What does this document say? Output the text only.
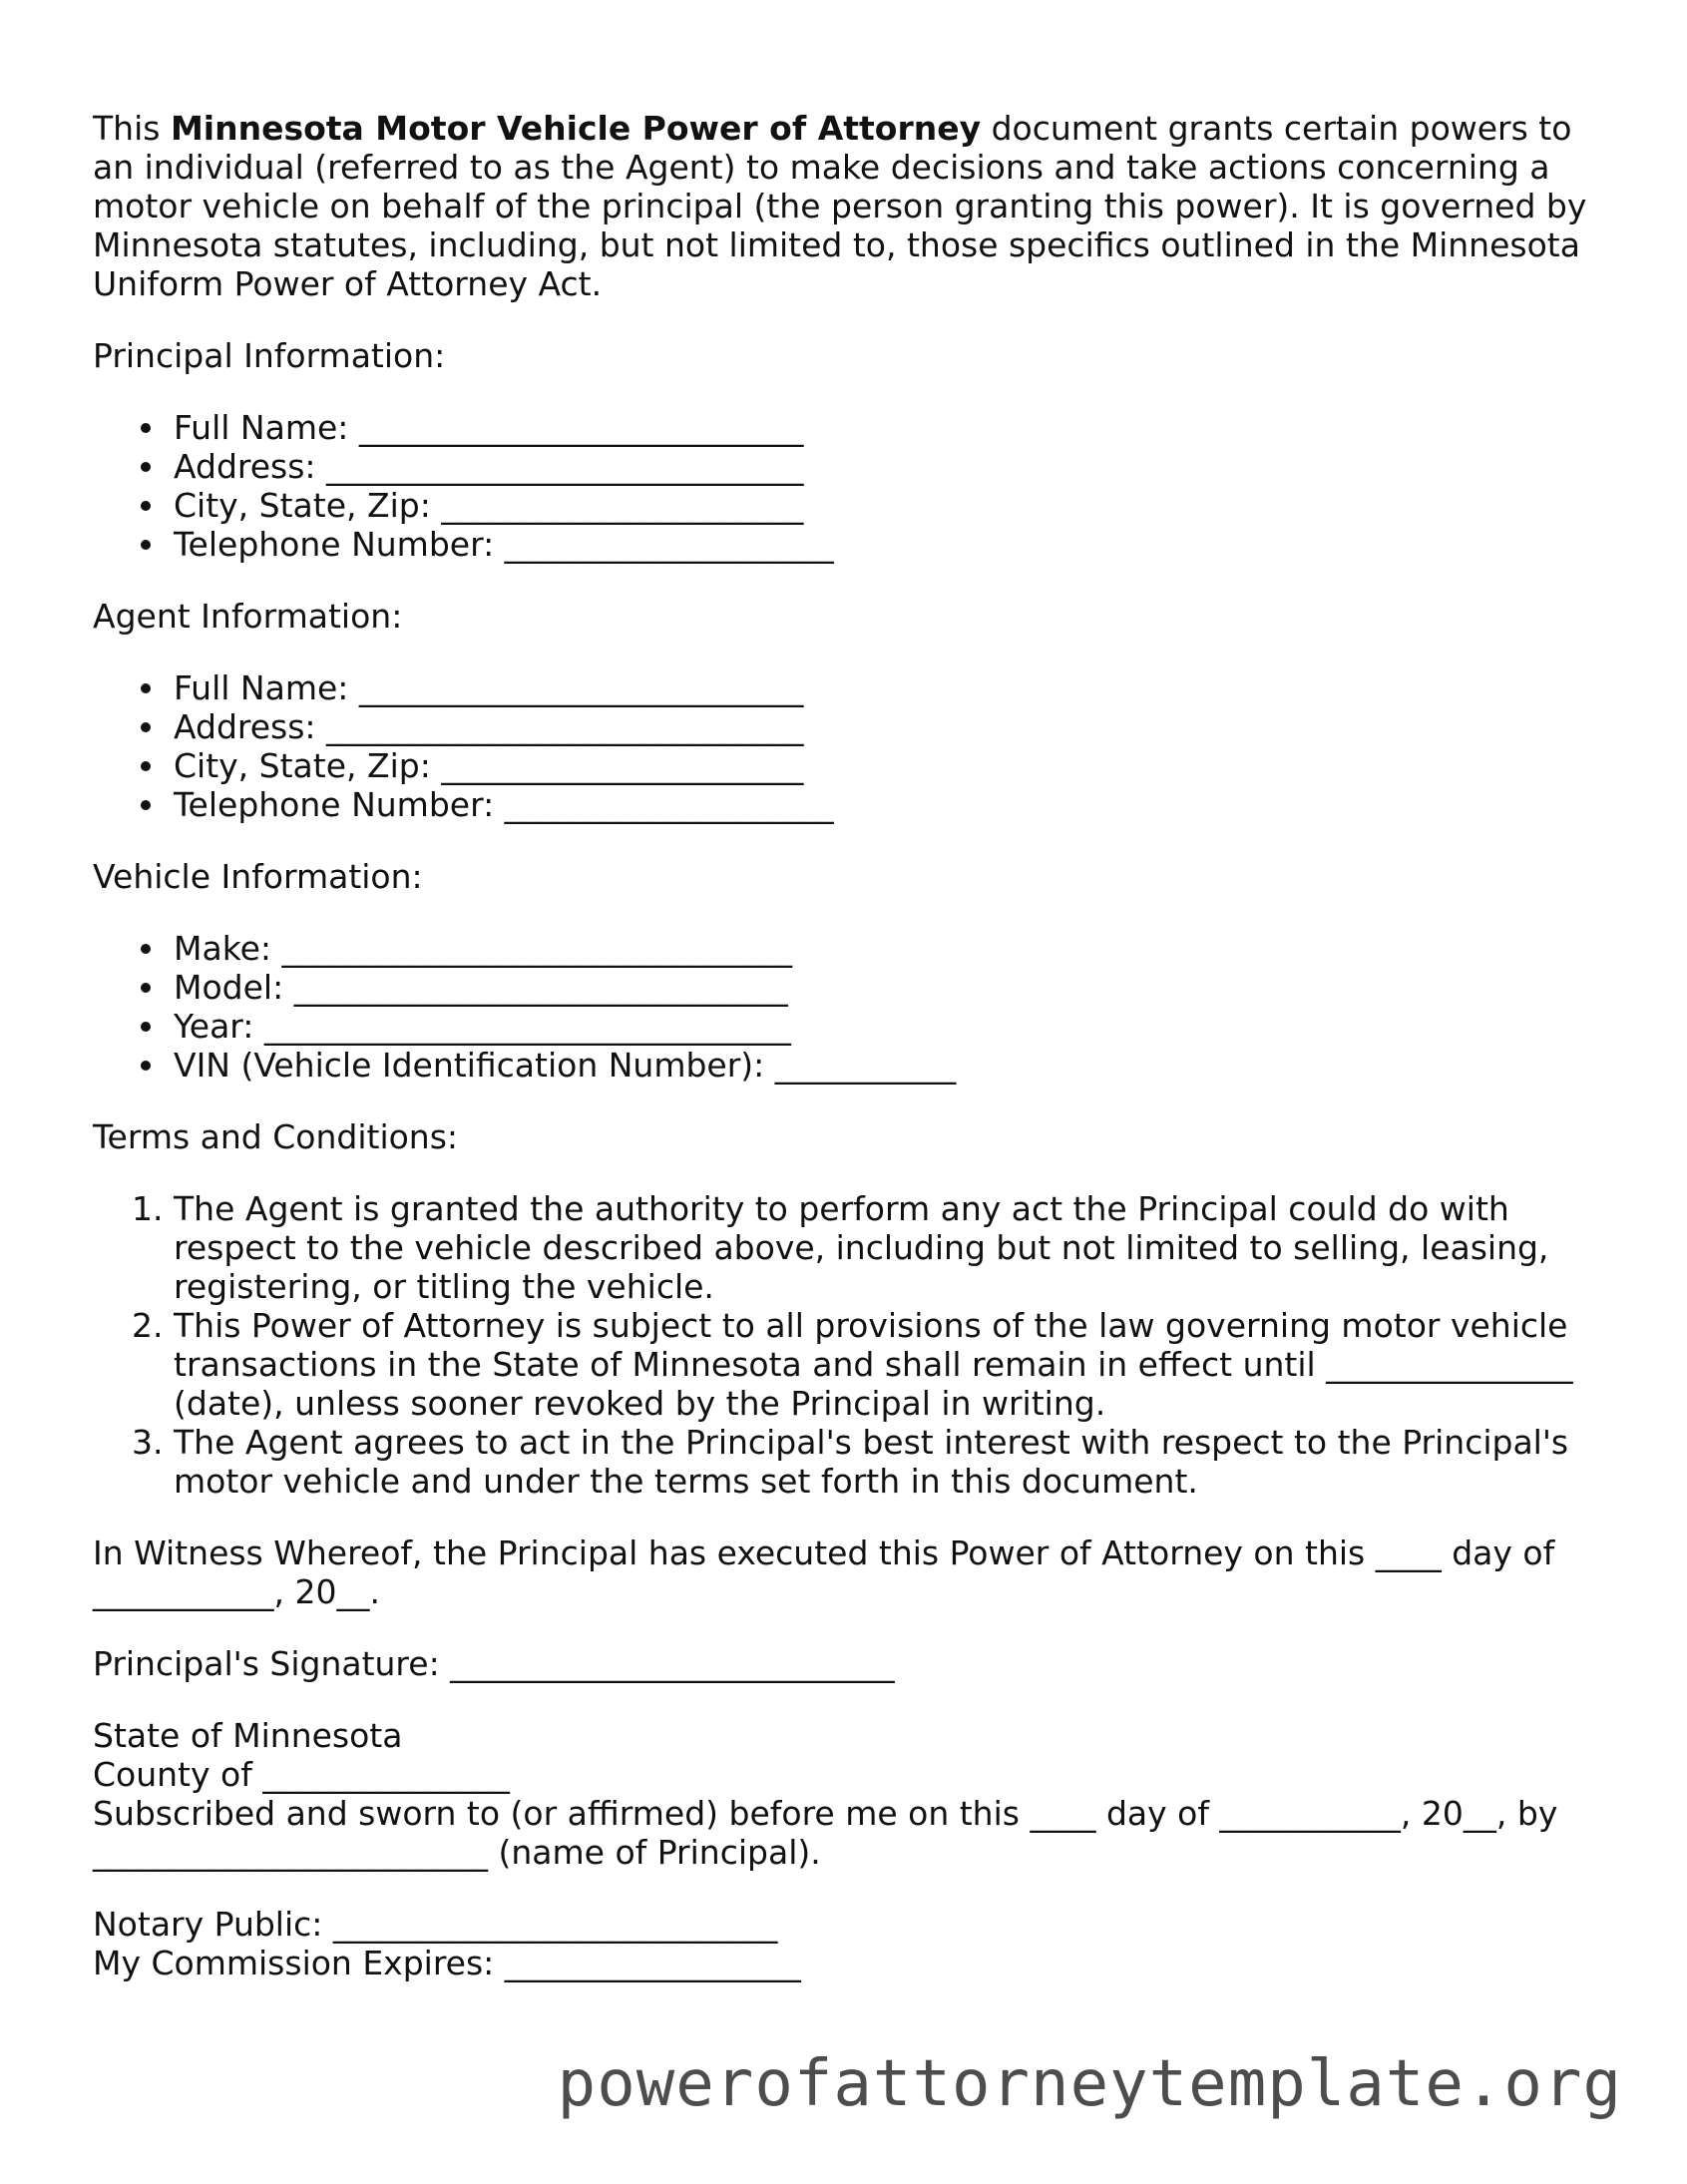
This Minnesota Motor Vehicle Power of Attorney document grants certain powers to an individual (referred to as the Agent) to make decisions and take actions concerning a motor vehicle on behalf of the principal (the person granting this power). It is governed by Minnesota statutes, including, but not limited to, those specifics outlined in the Minnesota Uniform Power of Attorney Act.

Principal Information:

Full Name: ___________________________
Address: _____________________________
City, State, Zip: ______________________
Telephone Number: ____________________

Agent Information:

Full Name: ___________________________
Address: _____________________________
City, State, Zip: ______________________
Telephone Number: ____________________

Vehicle Information:

Make: _______________________________
Model: ______________________________
Year: ________________________________
VIN (Vehicle Identification Number): ___________

Terms and Conditions:

1. The Agent is granted the authority to perform any act the Principal could do with respect to the vehicle described above, including but not limited to selling, leasing, registering, or titling the vehicle.
2. This Power of Attorney is subject to all provisions of the law governing motor vehicle transactions in the State of Minnesota and shall remain in effect until _______________ (date), unless sooner revoked by the Principal in writing.
3. The Agent agrees to act in the Principal's best interest with respect to the Principal's motor vehicle and under the terms set forth in this document.

In Witness Whereof, the Principal has executed this Power of Attorney on this ____ day of ___________, 20__.

Principal's Signature: ___________________________

State of Minnesota

County of _______________

Subscribed and sworn to (or affirmed) before me on this ____ day of ___________, 20__, by ________________________ (name of Principal).

Notary Public: ___________________________

My Commission Expires: __________________

powerofattorneytemplate.org
